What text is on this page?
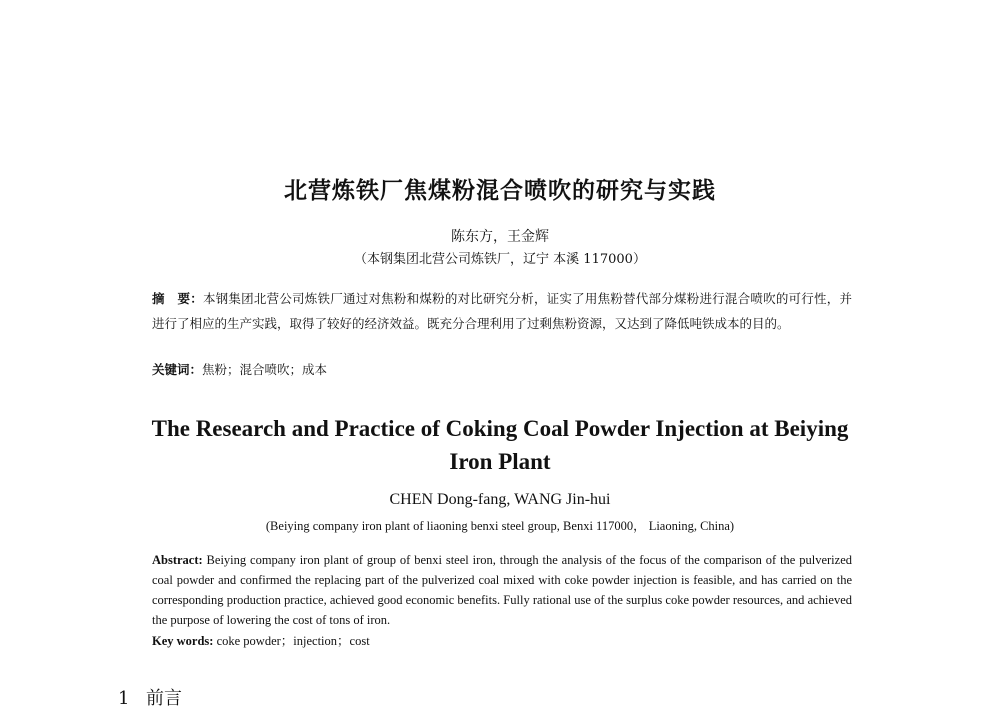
北营炼铁厂焦煤粉混合喷吹的研究与实践
陈东方，王金辉
（本钢集团北营公司炼铁厂，辽宁 本溪 117000）
摘　要：本钢集团北营公司炼铁厂通过对焦粉和煤粉的对比研究分析，证实了用焦粉替代部分煤粉进行混合喷吹的可行性，并进行了相应的生产实践，取得了较好的经济效益。既充分合理利用了过剩焦粉资源，又达到了降低吨铁成本的目的。
关键词：焦粉；混合喷吹；成本
The Research and Practice of Coking Coal Powder Injection at Beiying Iron Plant
CHEN Dong-fang, WANG Jin-hui
(Beiying company iron plant of liaoning benxi steel group, Benxi 117000， Liaoning, China)
Abstract: Beiying company iron plant of group of benxi steel iron, through the analysis of the focus of the comparison of the pulverized coal powder and confirmed the replacing part of the pulverized coal mixed with coke powder injection is feasible, and has carried on the corresponding production practice, achieved good economic benefits. Fully rational use of the surplus coke powder resources, and achieved the purpose of lowering the cost of tons of iron.
Key words: coke powder；injection；cost
1 前言
